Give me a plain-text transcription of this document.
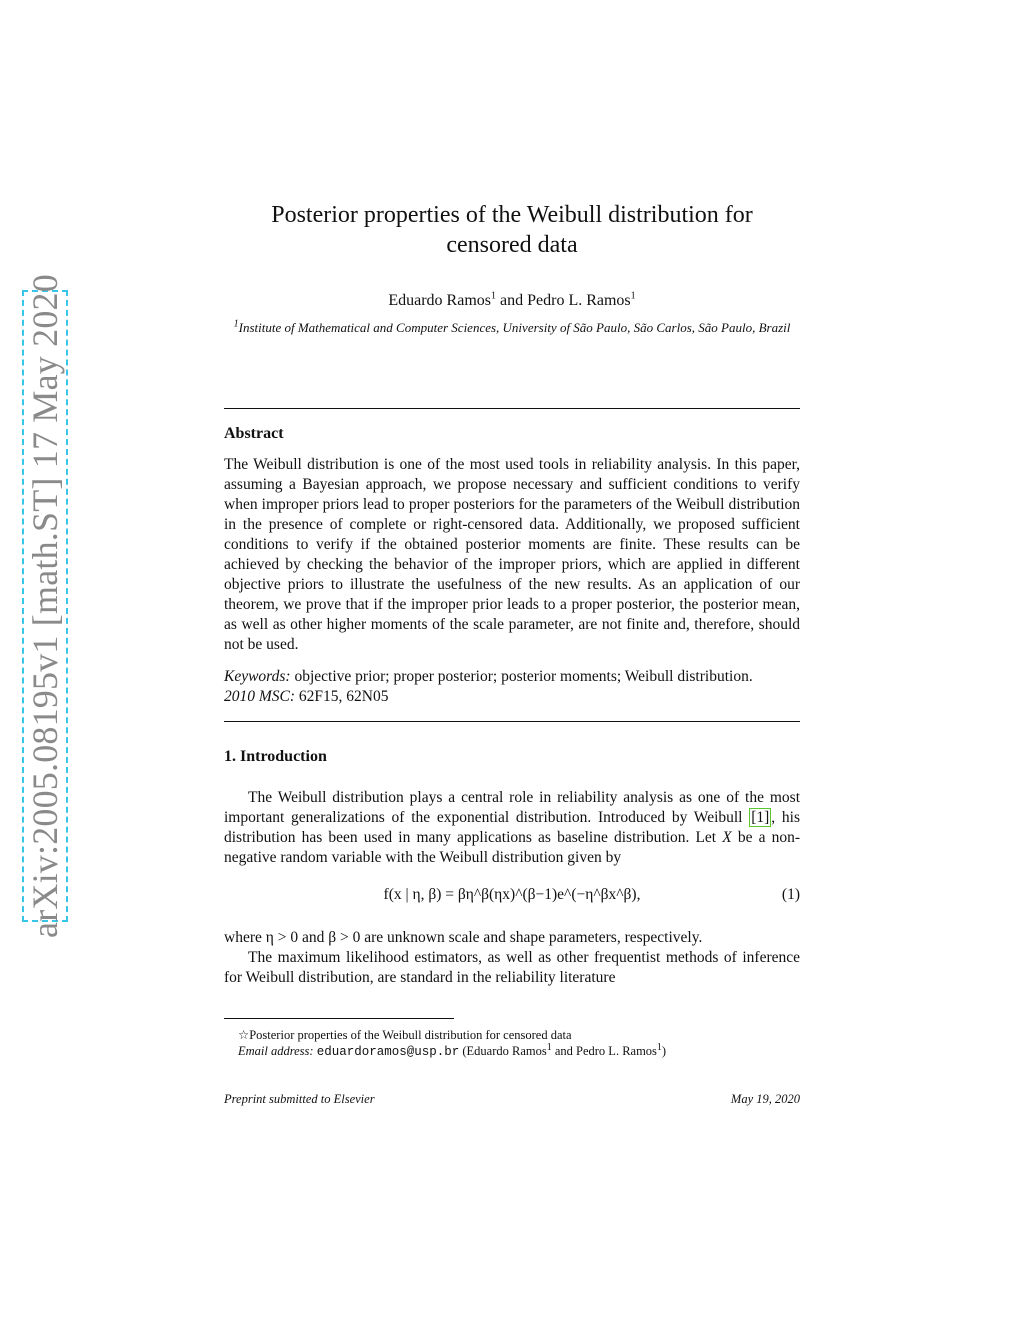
arXiv:2005.08195v1 [math.ST] 17 May 2020
Posterior properties of the Weibull distribution for
censored data
Eduardo Ramos$^1$ and Pedro L. Ramos$^1$
$^1$Institute of Mathematical and Computer Sciences, University of São Paulo, São Carlos, São Paulo, Brazil
Abstract

The Weibull distribution is one of the most used tools in reliability analysis. In this paper, assuming a Bayesian approach, we propose necessary and sufficient conditions to verify when improper priors lead to proper posteriors for the parameters of the Weibull distribution in the presence of complete or right-censored data. Additionally, we proposed sufficient conditions to verify if the obtained posterior moments are finite. These results can be achieved by checking the behavior of the improper priors, which are applied in different objective priors to illustrate the usefulness of the new results. As an application of our theorem, we prove that if the improper prior leads to a proper posterior, the posterior mean, as well as other higher moments of the scale parameter, are not finite and, therefore, should not be used.

Keywords: objective prior; proper posterior; posterior moments; Weibull distribution.

2010 MSC: 62F15, 62N05

1. Introduction

The Weibull distribution plays a central role in reliability analysis as one of the most important generalizations of the exponential distribution. Introduced by Weibull [1] , his distribution has been used in many applications as baseline distribution. Let X be a non-negative random variable with the Weibull distribution given by

f(x | η, β) = βη^β(ηx)^(β−1)e^(−η^βx^β),	(1)

where η > 0 and β > 0 are unknown scale and shape parameters, respectively.

The maximum likelihood estimators, as well as other frequentist methods of inference for Weibull distribution, are standard in the reliability literature

☆Posterior properties of the Weibull distribution for censored data
Email address: eduardoramos@usp.br (Eduardo Ramos$^1$ and Pedro L. Ramos$^1$)
Preprint submitted to Elsevier	May 19, 2020
